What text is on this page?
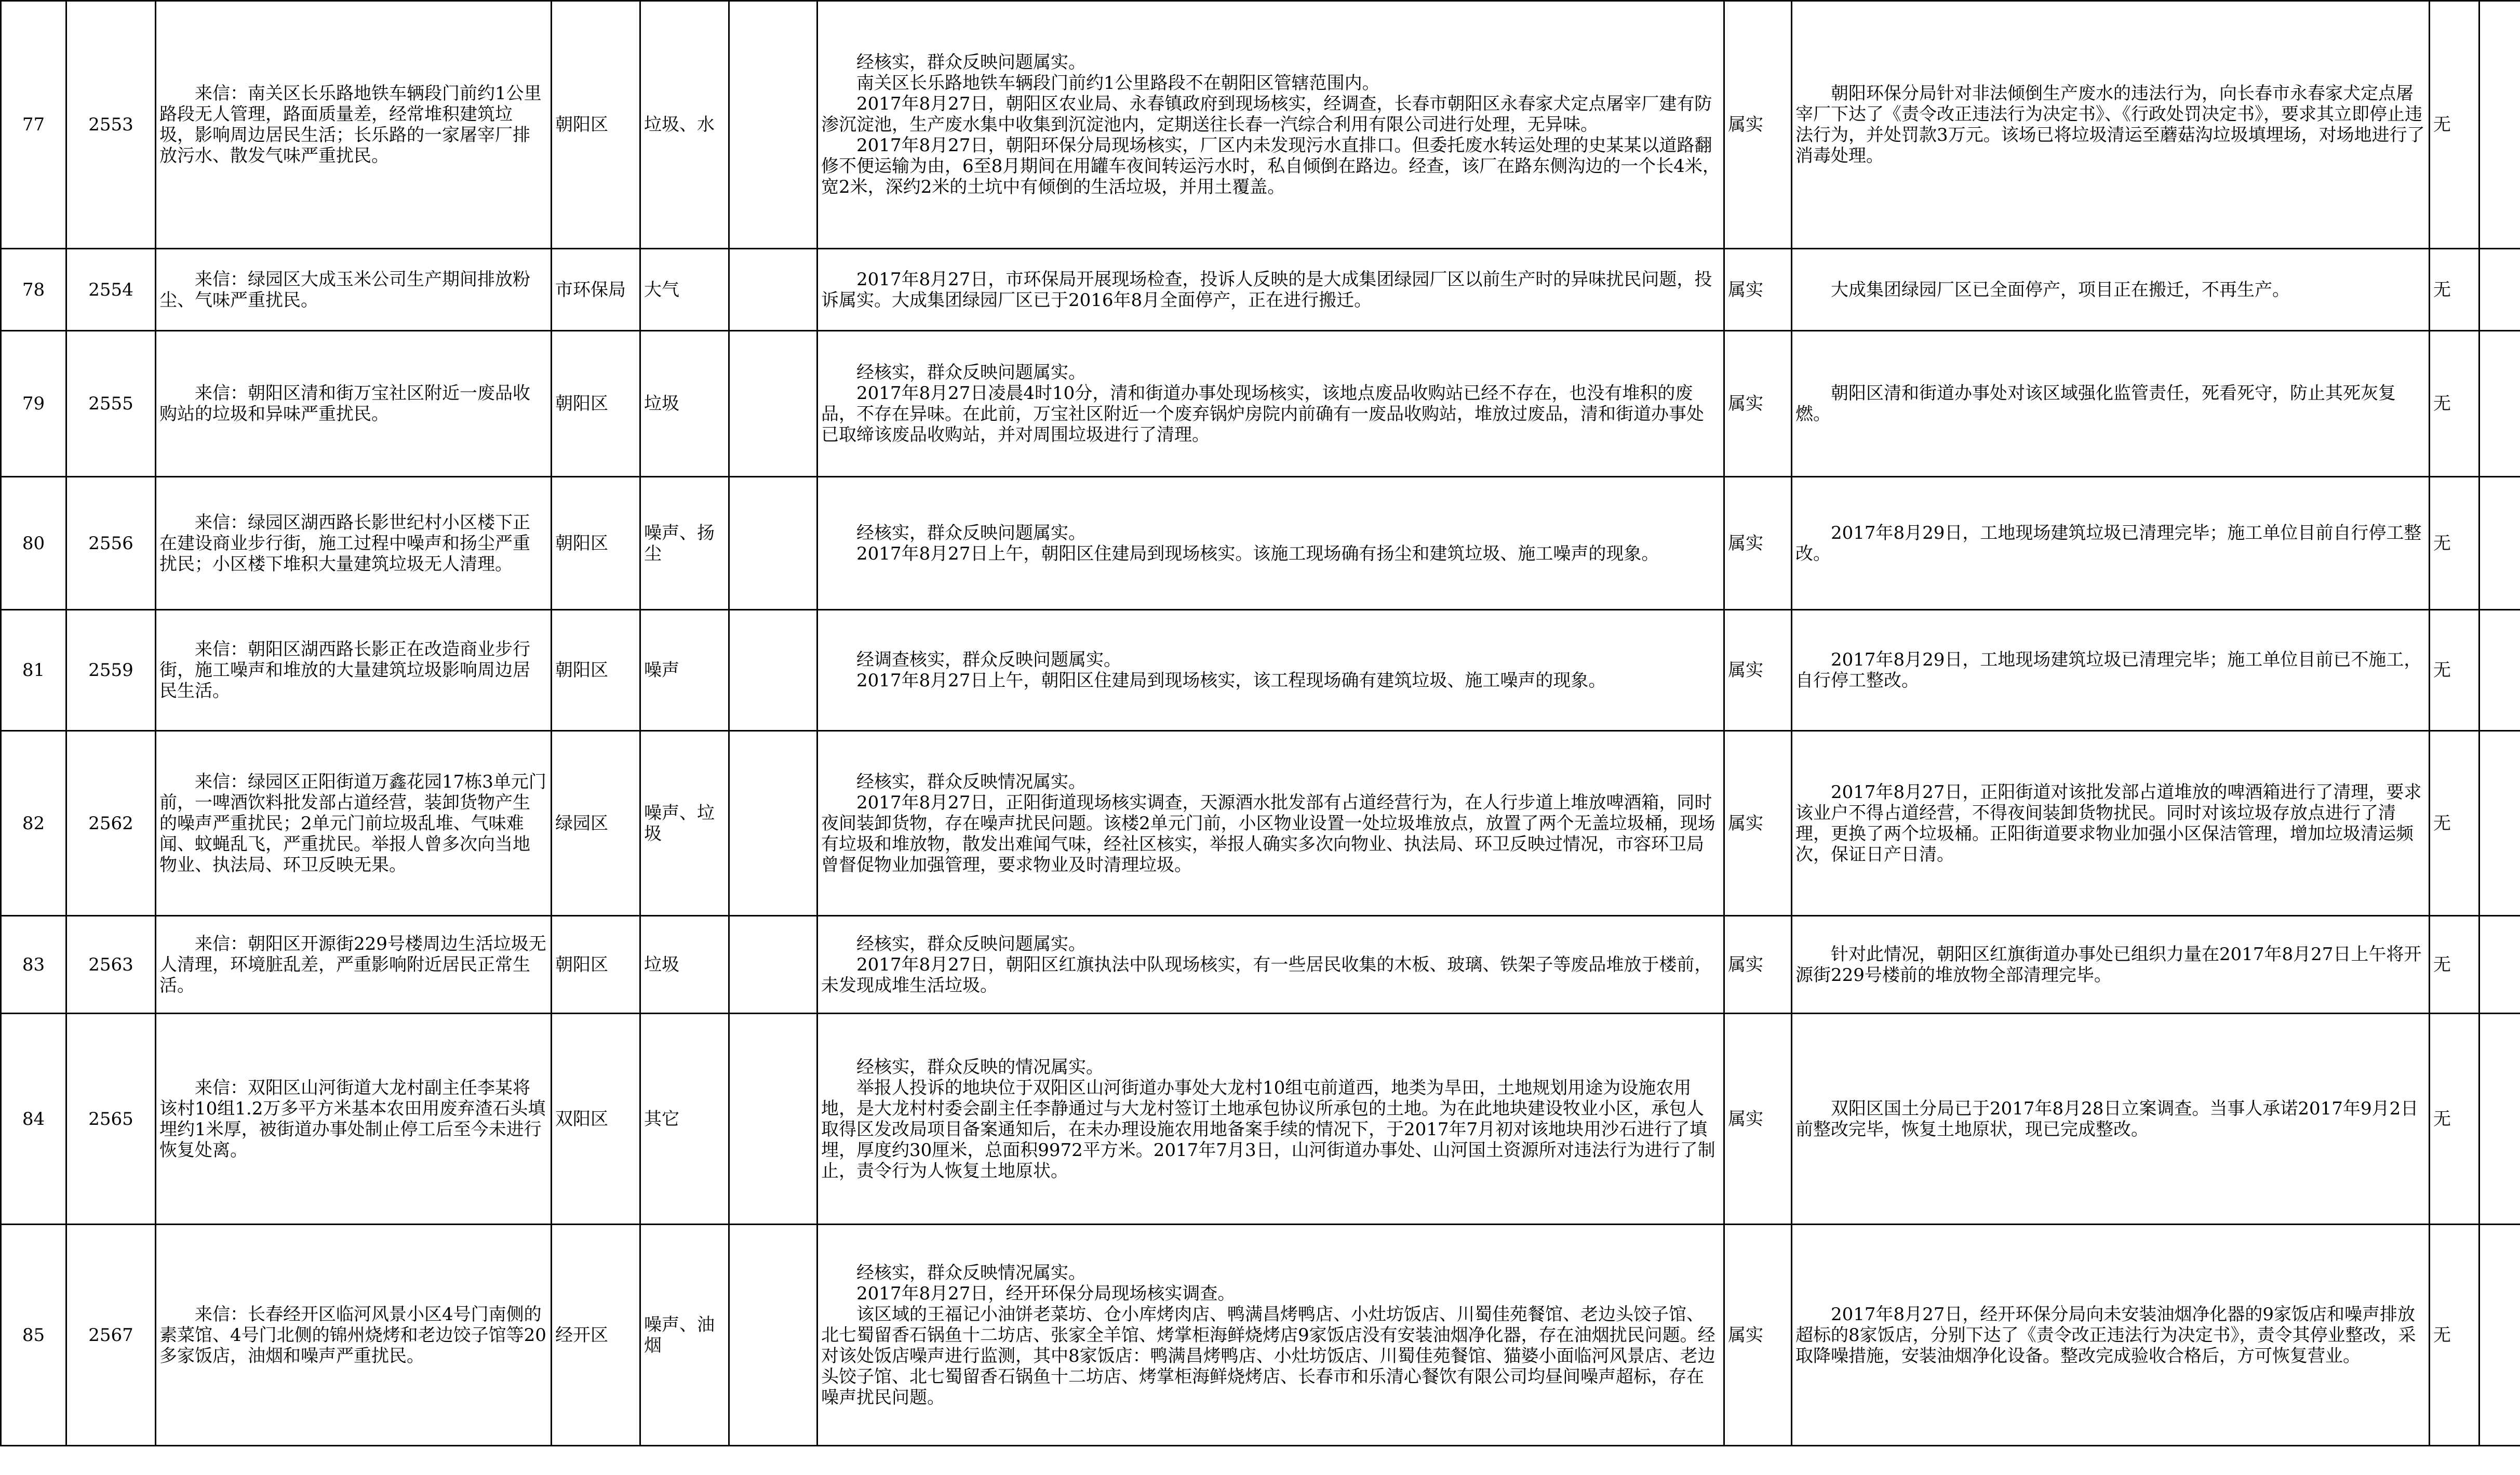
77	2553	来信：南关区长乐路地铁车辆段门前约1公里路段无人管理，路面质量差，经常堆积建筑垃圾，影响周边居民生活；长乐路的一家屠宰厂排放污水、散发气味严重扰民。	朝阳区	垃圾、水		经核实，群众反映问题属实。
南关区长乐路地铁车辆段门前约1公里路段不在朝阳区管辖范围内。
2017年8月27日，朝阳区农业局、永春镇政府到现场核实，经调查，长春市朝阳区永春家犬定点屠宰厂建有防渗沉淀池，生产废水集中收集到沉淀池内，定期送往长春一汽综合利用有限公司进行处理，无异味。
2017年8月27日，朝阳环保分局现场核实，厂区内未发现污水直排口。但委托废水转运处理的史某某以道路翻修不便运输为由，6至8月期间在用罐车夜间转运污水时，私自倾倒在路边。经查，该厂在路东侧沟边的一个长4米，宽2米，深约2米的土坑中有倾倒的生活垃圾，并用土覆盖。	属实	朝阳环保分局针对非法倾倒生产废水的违法行为，向长春市永春家犬定点屠宰厂下达了《责令改正违法行为决定书》、《行政处罚决定书》，要求其立即停止违法行为，并处罚款3万元。该场已将垃圾清运至蘑菇沟垃圾填埋场，对场地进行了消毒处理。	无	
78	2554	来信：绿园区大成玉米公司生产期间排放粉尘、气味严重扰民。	市环保局	大气		2017年8月27日，市环保局开展现场检查，投诉人反映的是大成集团绿园厂区以前生产时的异味扰民问题，投诉属实。大成集团绿园厂区已于2016年8月全面停产，正在进行搬迁。	属实	大成集团绿园厂区已全面停产，项目正在搬迁，不再生产。	无	
79	2555	来信：朝阳区清和街万宝社区附近一废品收购站的垃圾和异味严重扰民。	朝阳区	垃圾		经核实，群众反映问题属实。
2017年8月27日凌晨4时10分，清和街道办事处现场核实，该地点废品收购站已经不存在，也没有堆积的废品，不存在异味。在此前，万宝社区附近一个废弃锅炉房院内前确有一废品收购站，堆放过废品，清和街道办事处已取缔该废品收购站，并对周围垃圾进行了清理。	属实	朝阳区清和街道办事处对该区域强化监管责任，死看死守，防止其死灰复燃。	无	
80	2556	来信：绿园区湖西路长影世纪村小区楼下正在建设商业步行街，施工过程中噪声和扬尘严重扰民；小区楼下堆积大量建筑垃圾无人清理。	朝阳区	噪声、扬尘		经核实，群众反映问题属实。
2017年8月27日上午，朝阳区住建局到现场核实。该施工现场确有扬尘和建筑垃圾、施工噪声的现象。	属实	2017年8月29日，工地现场建筑垃圾已清理完毕；施工单位目前自行停工整改。	无	
81	2559	来信：朝阳区湖西路长影正在改造商业步行街，施工噪声和堆放的大量建筑垃圾影响周边居民生活。	朝阳区	噪声		经调查核实，群众反映问题属实。
2017年8月27日上午，朝阳区住建局到现场核实，该工程现场确有建筑垃圾、施工噪声的现象。	属实	2017年8月29日，工地现场建筑垃圾已清理完毕；施工单位目前已不施工，自行停工整改。	无	
82	2562	来信：绿园区正阳街道万鑫花园17栋3单元门前，一啤酒饮料批发部占道经营，装卸货物产生的噪声严重扰民；2单元门前垃圾乱堆、气味难闻、蚊蝇乱飞，严重扰民。举报人曾多次向当地物业、执法局、环卫反映无果。	绿园区	噪声、垃圾		经核实，群众反映情况属实。
2017年8月27日，正阳街道现场核实调查，天源酒水批发部有占道经营行为，在人行步道上堆放啤酒箱，同时夜间装卸货物，存在噪声扰民问题。该楼2单元门前，小区物业设置一处垃圾堆放点，放置了两个无盖垃圾桶，现场有垃圾和堆放物，散发出难闻气味，经社区核实，举报人确实多次向物业、执法局、环卫反映过情况，市容环卫局曾督促物业加强管理，要求物业及时清理垃圾。	属实	2017年8月27日，正阳街道对该批发部占道堆放的啤酒箱进行了清理，要求该业户不得占道经营，不得夜间装卸货物扰民。同时对该垃圾存放点进行了清理，更换了两个垃圾桶。正阳街道要求物业加强小区保洁管理，增加垃圾清运频次，保证日产日清。	无	
83	2563	来信：朝阳区开源街229号楼周边生活垃圾无人清理，环境脏乱差，严重影响附近居民正常生活。	朝阳区	垃圾		经核实，群众反映问题属实。
2017年8月27日，朝阳区红旗执法中队现场核实，有一些居民收集的木板、玻璃、铁架子等废品堆放于楼前，未发现成堆生活垃圾。	属实	针对此情况，朝阳区红旗街道办事处已组织力量在2017年8月27日上午将开源街229号楼前的堆放物全部清理完毕。	无	
84	2565	来信：双阳区山河街道大龙村副主任李某将该村10组1.2万多平方米基本农田用废弃渣石头填埋约1米厚，被街道办事处制止停工后至今未进行恢复处离。	双阳区	其它		经核实，群众反映的情况属实。
举报人投诉的地块位于双阳区山河街道办事处大龙村10组屯前道西，地类为旱田，土地规划用途为设施农用地，是大龙村村委会副主任李静通过与大龙村签订土地承包协议所承包的土地。为在此地块建设牧业小区，承包人取得区发改局项目备案通知后，在未办理设施农用地备案手续的情况下，于2017年7月初对该地块用沙石进行了填埋，厚度约30厘米，总面积9972平方米。2017年7月3日，山河街道办事处、山河国土资源所对违法行为进行了制止，责令行为人恢复土地原状。	属实	双阳区国土分局已于2017年8月28日立案调查。当事人承诺2017年9月2日前整改完毕，恢复土地原状，现已完成整改。	无	
85	2567	来信：长春经开区临河风景小区4号门南侧的素菜馆、4号门北侧的锦州烧烤和老边饺子馆等20多家饭店，油烟和噪声严重扰民。	经开区	噪声、油烟		经核实，群众反映情况属实。
2017年8月27日，经开环保分局现场核实调查。
该区域的王福记小油饼老菜坊、仓小库烤肉店、鸭满昌烤鸭店、小灶坊饭店、川蜀佳苑餐馆、老边头饺子馆、北七蜀留香石锅鱼十二坊店、张家全羊馆、烤掌柜海鲜烧烤店9家饭店没有安装油烟净化器，存在油烟扰民问题。经对该处饭店噪声进行监测，其中8家饭店：鸭满昌烤鸭店、小灶坊饭店、川蜀佳苑餐馆、猫婆小面临河风景店、老边头饺子馆、北七蜀留香石锅鱼十二坊店、烤掌柜海鲜烧烤店、长春市和乐清心餐饮有限公司均昼间噪声超标，存在噪声扰民问题。	属实	2017年8月27日，经开环保分局向未安装油烟净化器的9家饭店和噪声排放超标的8家饭店，分别下达了《责令改正违法行为决定书》，责令其停业整改，采取降噪措施，安装油烟净化设备。整改完成验收合格后，方可恢复营业。	无	
